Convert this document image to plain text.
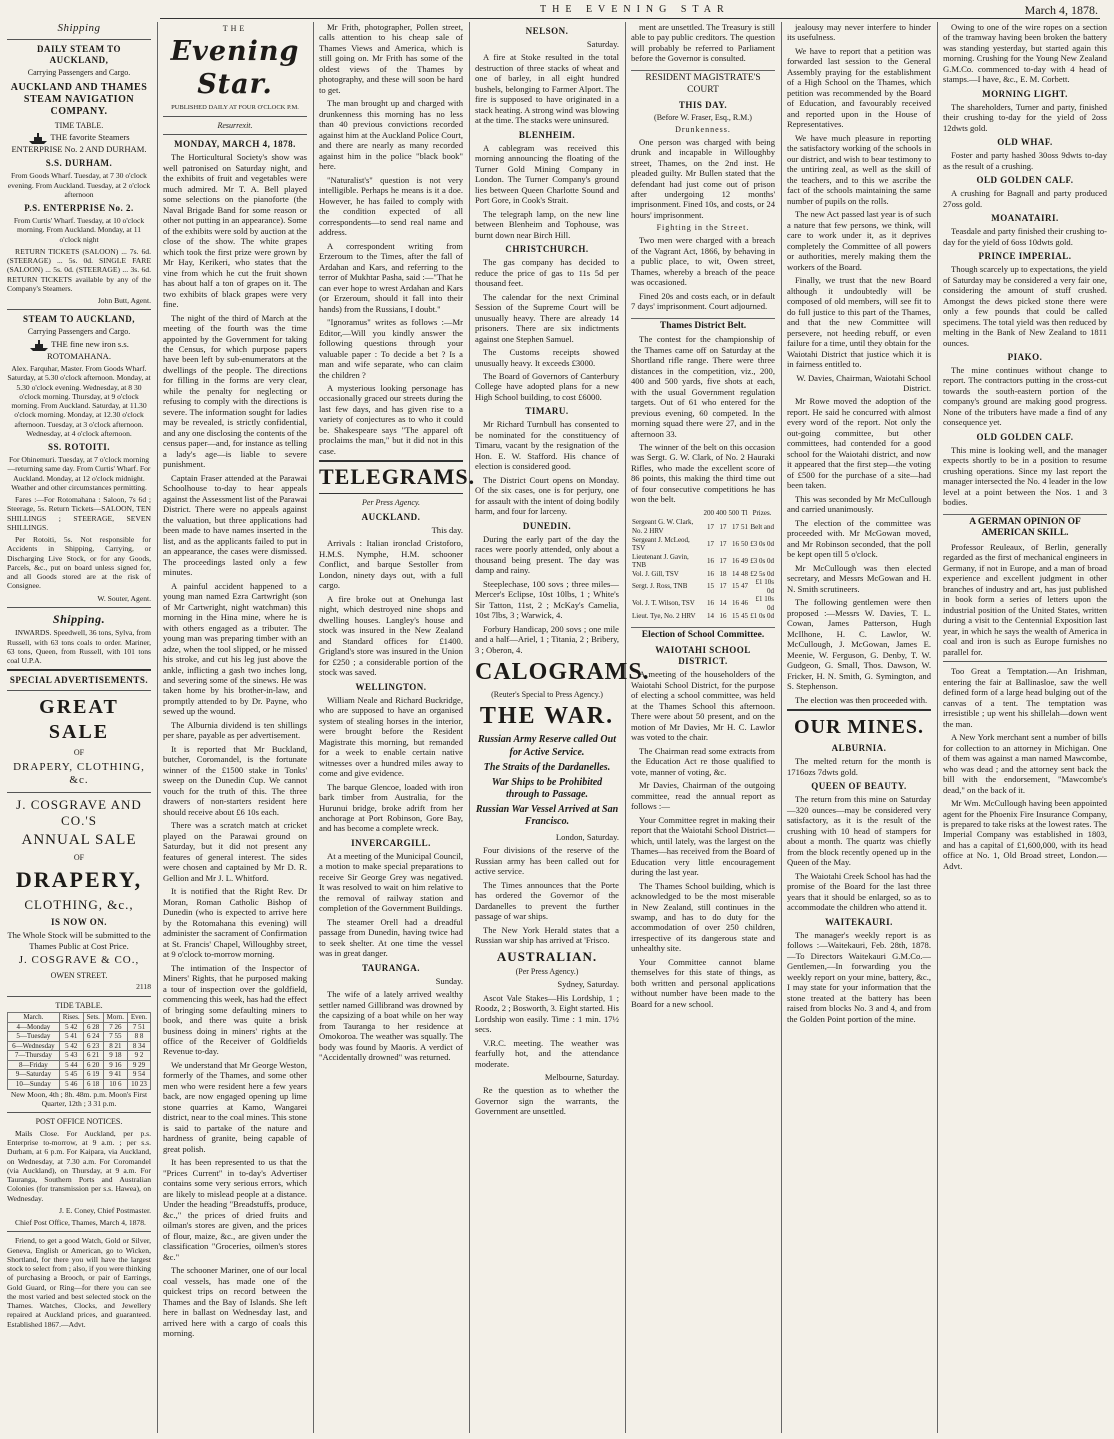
THE EVENING STAR	March 4, 1878.
Shipping
DAILY STEAM TO AUCKLAND,
Carrying Passengers and Cargo.
AUCKLAND AND THAMES STEAM NAVIGATION COMPANY.
TIME TABLE.

THE favorite Steamers ENTERPRISE No. 2 AND DURHAM.

S.S. DURHAM.

From Goods Wharf. Tuesday, at 7 30 o'clock evening. From Auckland. Tuesday, at 2 o'clock afternoon

P.S. ENTERPRISE No. 2.

From Curtis' Wharf. Tuesday, at 10 o'clock morning. From Auckland. Monday, at 11 o'clock night

RETURN TICKETS (SALOON) ... 7s. 6d. (STEERAGE) ... 5s. 0d. SINGLE FARE (SALOON) ... 5s. 0d. (STEERAGE) ... 3s. 6d. RETURN TICKETS available by any of the Company's Steamers.

John Butt, Agent.

STEAM TO AUCKLAND,
Carrying Passengers and Cargo.

THE fine new iron s.s. ROTOMAHANA.

Alex. Farquhar, Master. From Goods Wharf. Saturday, at 5.30 o'clock afternoon. Monday, at 5.30 o'clock evening. Wednesday, at 8 30 o'clock morning. Thursday, at 9 o'clock morning. From Auckland. Saturday, at 11.30 o'clock morning. Monday, at 12.30 o'clock afternoon. Tuesday, at 3 o'clock afternoon. Wednesday, at 4 o'clock afternoon.

SS. ROTOITI.

For Ohinemuri. Tuesday, at 7 o'clock morning—returning same day. From Curtis' Wharf. For Auckland. Monday, at 12 o'clock midnight. Weather and other circumstances permitting.

Fares :—For Rotomahana : Saloon, 7s 6d ; Steerage, 5s. Return Tickets—SALOON, TEN SHILLINGS ; STEERAGE, SEVEN SHILLINGS.

Per Rotoiti, 5s. Not responsible for Accidents in Shipping, Carrying, or Discharging Live Stock, or for any Goods, Parcels, &c., put on board unless signed for, and all Goods stored are at the risk of Consignee.

W. Souter, Agent.

Shipping.

INWARDS. Speedwell, 36 tons, Sylva, from Russell, with 63 tons coals to order. Mariner, 63 tons, Queen, from Russell, with 101 tons coal U.P.A.

SPECIAL ADVERTISEMENTS.
GREAT SALE
OF
DRAPERY, CLOTHING, &c.
J. COSGRAVE AND CO.'S
ANNUAL SALE
OF
DRAPERY,
CLOTHING, &c.,
IS NOW ON.

The Whole Stock will be submitted to the Thames Public at Cost Price.

J. COSGRAVE & CO.,
OWEN STREET.

2118

TIDE TABLE.
March.	Rises.	Sets.	Morn.	Even.
4—Monday	5 42	6 28	7 26	7 51
5—Tuesday	5 41	6 24	7 55	8 8
6—Wednesday	5 42	6 23	8 21	8 34
7—Thursday	5 43	6 21	9 18	9 2
8—Friday	5 44	6 20	9 16	9 29
9—Saturday	5 45	6 19	9 41	9 54
10—Sunday	5 46	6 18	10 6	10 23

New Moon, 4th ; 8h. 48m. p.m. Moon's First Quarter, 12th ; 3 31 p.m.

POST OFFICE NOTICES.

Mails Close. For Auckland, per p.s. Enterprise to-morrow, at 9 a.m. ; per s.s. Durham, at 6 p.m. For Kaipara, via Auckland, on Wednesday, at 7.30 a.m. For Coromandel (via Auckland), on Thursday, at 9 a.m. For Tauranga, Southern Ports and Australian Colonies (for transmission per s.s. Hawea), on Wednesday.

J. E. Coney, Chief Postmaster.

Chief Post Office, Thames, March 4, 1878.

Friend, to get a good Watch, Gold or Silver, Geneva, English or American, go to Wicken, Shortland, for there you will have the largest stock to select from ; also, if you were thinking of purchasing a Brooch, or pair of Earrings, Gold Guard, or Ring—for there you can see the most varied and best selected stock on the Thames. Watches, Clocks, and Jewellery repaired at Auckland prices, and guaranteed. Established 1867.—Advt.

THE
Evening Star.
PUBLISHED DAILY AT FOUR O'CLOCK P.M.
Resurrexit.
MONDAY, MARCH 4, 1878.

The Horticultural Society's show was well patronised on Saturday night, and the exhibits of fruit and vegetables were much admired. Mr T. A. Bell played some selections on the pianoforte (the Naval Brigade Band for some reason or other not putting in an appearance). Some of the exhibits were sold by auction at the close of the show. The white grapes which took the first prize were grown by Mr Hay, Kerikeri, who states that the vine from which he cut the fruit shown has about half a ton of grapes on it. The two exhibits of black grapes were very fine.

The night of the third of March at the meeting of the fourth was the time appointed by the Government for taking the Census, for which purpose papers have been left by sub-enumerators at the dwellings of the people. The directions for filling in the forms are very clear, while the penalty for neglecting or refusing to comply with the directions is severe. The information sought for ladies may be revealed, is strictly confidential, and any one disclosing the contents of the census paper—and, for instance as telling a lady's age—is liable to severe punishment.

Captain Fraser attended at the Parawai Schoolhouse to-day to hear appeals against the Assessment list of the Parawai District. There were no appeals against the valuation, but three applications had been made to have names inserted in the list, and as the applicants failed to put in an appearance, the cases were dismissed. The proceedings lasted only a few minutes.

A painful accident happened to a young man named Ezra Cartwright (son of Mr Cartwright, night watchman) this morning in the Hina mine, where he is with others engaged as a tributer. The young man was preparing timber with an adze, when the tool slipped, or he missed his stroke, and cut his leg just above the ankle, inflicting a gash two inches long, and severing some of the sinews. He was taken home by his brother-in-law, and promptly attended to by Dr. Payne, who sewed up the wound.

The Alburnia dividend is ten shillings per share, payable as per advertisement.

It is reported that Mr Buckland, butcher, Coromandel, is the fortunate winner of the £1500 stake in Tonks' sweep on the Dunedin Cup. We cannot vouch for the truth of this. The three drawers of non-starters resident here should receive about £6 10s each.

There was a scratch match at cricket played on the Parawai ground on Saturday, but it did not present any features of general interest. The sides were chosen and captained by Mr D. R. Gellion and Mr J. L. Whitford.

It is notified that the Right Rev. Dr Moran, Roman Catholic Bishop of Dunedin (who is expected to arrive here by the Rotomahana this evening) will administer the sacrament of Confirmation at St. Francis' Chapel, Willoughby street, at 9 o'clock to-morrow morning.

The intimation of the Inspector of Miners' Rights, that he purposed making a tour of inspection over the goldfield, commencing this week, has had the effect of bringing some defaulting miners to book, and there was quite a brisk business doing in miners' rights at the office of the Receiver of Goldfields Revenue to-day.

We understand that Mr George Weston, formerly of the Thames, and some other men who were resident here a few years back, are now engaged opening up lime stone quarries at Kamo, Wangarei district, near to the coal mines. This stone is said to partake of the nature and hardness of granite, being capable of great polish.

It has been represented to us that the "Prices Current" in to-day's Advertiser contains some very serious errors, which are likely to mislead people at a distance. Under the heading "Breadstuffs, produce, &c.," the prices of dried fruits and oilman's stores are given, and the prices of flour, maize, &c., are given under the classification "Groceries, oilmen's stores &c."

The schooner Mariner, one of our local coal vessels, has made one of the quickest trips on record between the Thames and the Bay of Islands. She left here in ballast on Wednesday last, and arrived here with a cargo of coals this morning.

Mr Frith, photographer, Pollen street, calls attention to his cheap sale of Thames Views and America, which is still going on. Mr Frith has some of the oldest views of the Thames by photography, and these will soon be hard to get.

The man brought up and charged with drunkenness this morning has no less than 40 previous convictions recorded against him at the Auckland Police Court, and there are nearly as many recorded against him in the police "black book" here.

"Naturalist's" question is not very intelligible. Perhaps he means is it a doe. However, he has failed to comply with the condition expected of all correspondents—to send real name and address.

A correspondent writing from Erzeroum to the Times, after the fall of Ardahan and Kars, and referring to the terror of Mukhtar Pasha, said :—"That he can ever hope to wrest Ardahan and Kars (or Erzeroum, should it fall into their hands) from the Russians, I doubt."

"Ignoramus" writes as follows :—Mr Editor,—Will you kindly answer the following questions through your valuable paper : To decide a bet ? Is a man and wife separate, who can claim the children ?

A mysterious looking personage has occasionally graced our streets during the last few days, and has given rise to a variety of conjectures as to who it could be. Shakespeare says "The apparel oft proclaims the man," but it did not in this case.

TELEGRAMS.
Per Press Agency.
AUCKLAND.

This day.

Arrivals : Italian ironclad Cristoforo, H.M.S. Nymphe, H.M. schooner Conflict, and barque Sestoller from London, ninety days out, with a full cargo.

A fire broke out at Onehunga last night, which destroyed nine shops and dwelling houses. Langley's house and stock was insured in the New Zealand and Standard offices for £1400. Grigland's store was insured in the Union for £250 ; a considerable portion of the stock was saved.

WELLINGTON.

William Neale and Richard Buckridge, who are supposed to have an organised system of stealing horses in the interior, were brought before the Resident Magistrate this morning, but remanded for a week to enable certain native witnesses over a hundred miles away to come and give evidence.

The barque Glencoe, loaded with iron bark timber from Australia, for the Hurunui bridge, broke adrift from her anchorage at Port Robinson, Gore Bay, and has become a complete wreck.

INVERCARGILL.

At a meeting of the Municipal Council, a motion to make special preparations to receive Sir George Grey was negatived. It was resolved to wait on him relative to the removal of railway station and completion of the Government Buildings.

The steamer Orell had a dreadful passage from Dunedin, having twice had to seek shelter. At one time the vessel was in great danger.

TAURANGA.

Sunday.

The wife of a lately arrived wealthy settler named Gillibrand was drowned by the capsizing of a boat while on her way from Tauranga to her residence at Omokoroa. The weather was squally. The body was found by Maoris. A verdict of "Accidentally drowned" was returned.

NELSON.

Saturday.

A fire at Stoke resulted in the total destruction of three stacks of wheat and one of barley, in all eight hundred bushels, belonging to Farmer Alport. The fire is supposed to have originated in a stack heating. A strong wind was blowing at the time. The stacks were uninsured.

BLENHEIM.

A cablegram was received this morning announcing the floating of the Turner Gold Mining Company in London. The Turner Company's ground lies between Queen Charlotte Sound and Port Gore, in Cook's Strait.

The telegraph lamp, on the new line between Blenheim and Tophouse, was burnt down near Birch Hill.

CHRISTCHURCH.

The gas company has decided to reduce the price of gas to 11s 5d per thousand feet.

The calendar for the next Criminal Session of the Supreme Court will be unusually heavy. There are already 14 prisoners. There are six indictments against one Stephen Samuel.

The Customs receipts showed unusually heavy. It exceeds £3000.

The Board of Governors of Canterbury College have adopted plans for a new High School building, to cost £6000.

TIMARU.

Mr Richard Turnbull has consented to be nominated for the constituency of Timaru, vacant by the resignation of the Hon. E. W. Stafford. His chance of election is considered good.

The District Court opens on Monday. Of the six cases, one is for perjury, one for assault with the intent of doing bodily harm, and four for larceny.

DUNEDIN.

During the early part of the day the races were poorly attended, only about a thousand being present. The day was damp and rainy.

Steeplechase, 100 sovs ; three miles—Mercer's Eclipse, 10st 10lbs, 1 ; White's Sir Tatton, 11st, 2 ; McKay's Camelia, 10st 7lbs, 3 ; Warwick, 4.

Forbury Handicap, 200 sovs ; one mile and a half—Ariel, 1 ; Titania, 2 ; Bribery, 3 ; Oberon, 4.

CALOGRAMS.
(Reuter's Special to Press Agency.)
THE WAR.
Russian Army Reserve called Out for Active Service.
The Straits of the Dardanelles.
War Ships to be Prohibited through to Passage.
Russian War Vessel Arrived at San Francisco.

London, Saturday.

Four divisions of the reserve of the Russian army has been called out for active service.

The Times announces that the Porte has ordered the Governor of the Dardanelles to prevent the further passage of war ships.

The New York Herald states that a Russian war ship has arrived at 'Frisco.

AUSTRALIAN.
(Per Press Agency.)

Sydney, Saturday.

Ascot Vale Stakes—His Lordship, 1 ; Roodz, 2 ; Bosworth, 3. Eight started. His Lordship won easily. Time : 1 min. 17½ secs.

V.R.C. meeting. The weather was fearfully hot, and the attendance moderate.

Melbourne, Saturday.

Re the question as to whether the Governor sign the warrants, the Government are unsettled.

ment are unsettled. The Treasury is still able to pay public creditors. The question will probably be referred to Parliament before the Governor is consulted.

RESIDENT MAGISTRATE'S COURT
THIS DAY.
(Before W. Fraser, Esq., R.M.)
Drunkenness.

One person was charged with being drunk and incapable in Willoughby street, Thames, on the 2nd inst. He pleaded guilty. Mr Bullen stated that the defendant had just come out of prison after undergoing 12 months' imprisonment. Fined 10s, and costs, or 24 hours' imprisonment.

Fighting in the Street.

Two men were charged with a breach of the Vagrant Act, 1866, by behaving in a public place, to wit, Owen street, Thames, whereby a breach of the peace was occasioned.

Fined 20s and costs each, or in default 7 days' imprisonment. Court adjourned.

Thames District Belt.

The contest for the championship of the Thames came off on Saturday at the Shortland rifle range. There were three distances in the competition, viz., 200, 400 and 500 yards, five shots at each, with the usual Government regulation targets. Out of 61 who entered for the previous evening, 60 competed. In the morning squad there were 27, and in the afternoon 33.

The winner of the belt on this occasion was Sergt. G. W. Clark, of No. 2 Hauraki Rifles, who made the excellent score of 86 points, this making the third time out of four consecutive competitions he has won the belt.

	200	400	500	Tl	Prizes.
Sergeant G. W. Clark, No. 2 HRV	17	17	17	51	Belt and
Sergeant J. McLeod, TSV	17	17	16	50	£3 0s 0d
Lieutenant J. Gavin, TNB	16	17	16	49	£3 0s 0d
Vol. J. Gill, TSV	16	18	14	48	£2 5s 0d
Sergt. J. Ross, TNB	15	17	15	47	£1 10s 0d
Vol. J. T. Wilson, TSV	16	14	16	46	£1 10s 0d
Lieut. Tye, No. 2 HRV	14	16	15	45	£1 0s 0d
Election of School Committee.
WAIOTAHI SCHOOL DISTRICT.

A meeting of the householders of the Waiotahi School District, for the purpose of electing a school committee, was held at the Thames School this afternoon. There were about 50 present, and on the motion of Mr Davies, Mr H. C. Lawlor was voted to the chair.

The Chairman read some extracts from the Education Act re those qualified to vote, manner of voting, &c.

Mr Davies, Chairman of the outgoing committee, read the annual report as follows :—

Your Committee regret in making their report that the Waiotahi School District—which, until lately, was the largest on the Thames—has received from the Board of Education very little encouragement during the last year.

The Thames School building, which is acknowledged to be the most miserable in New Zealand, still continues in the swamp, and has to do duty for the accommodation of over 250 children, irrespective of its dangerous state and unhealthy site.

Your Committee cannot blame themselves for this state of things, as both written and personal applications without number have been made to the Board for a new school.

jealousy may never interfere to hinder its usefulness.

We have to report that a petition was forwarded last session to the General Assembly praying for the establishment of a High School on the Thames, which petition was recommended by the Board of Education, and favourably received and reported upon in the House of Representatives.

We have much pleasure in reporting the satisfactory working of the schools in our district, and wish to bear testimony to the untiring zeal, as well as the skill of the teachers, and to this we ascribe the fact of the schools maintaining the same number of pupils on the rolls.

The new Act passed last year is of such a nature that few persons, we think, will care to work under it, as it deprives completely the Committee of all powers or authorities, merely making them the workers of the Board.

Finally, we trust that the new Board although it undoubtedly will be composed of old members, will see fit to do full justice to this part of the Thames, and that the new Committee will persevere, not heeding rebuff, or even failure for a time, until they obtain for the Waiotahi District that justice which it is in fairness entitled to.

W. Davies, Chairman, Waiotahi School District.

Mr Rowe moved the adoption of the report. He said he concurred with almost every word of the report. Not only the out-going committee, but other committees, had contended for a good school for the Waiotahi district, and now it appeared that the first step—the voting of £500 for the purchase of a site—had been taken.

This was seconded by Mr McCullough and carried unanimously.

The election of the committee was proceeded with. Mr McGowan moved, and Mr Robinson seconded, that the poll be kept open till 5 o'clock.

Mr McCullough was then elected secretary, and Messrs McGowan and H. N. Smith scrutineers.

The following gentlemen were then proposed :—Messrs W. Davies, T. L. Cowan, James Patterson, Hugh McIlhone, H. C. Lawlor, W. McCullough, J. McGowan, James E. Meenie, W. Ferguson, G. Denby, T. W. Gudgeon, G. Small, Thos. Dawson, W. Fricker, H. N. Smith, G. Symington, and S. Stephenson.

The election was then proceeded with.

OUR MINES.
ALBURNIA.

The melted return for the month is 1716ozs 7dwts gold.

QUEEN OF BEAUTY.

The return from this mine on Saturday—320 ounces—may be considered very satisfactory, as it is the result of the crushing with 10 head of stampers for about a month. The quartz was chiefly from the block recently opened up in the Queen of the May.

The Waiotahi Creek School has had the promise of the Board for the last three years that it should be enlarged, so as to accommodate the children who attend it.

WAITEKAURI.

The manager's weekly report is as follows :—Waitekauri, Feb. 28th, 1878.—To Directors Waitekauri G.M.Co.—Gentlemen,—In forwarding you the weekly report on your mine, battery, &c., I may state for your information that the stone treated at the battery has been raised from blocks No. 3 and 4, and from the Golden Point portion of the mine.

Owing to one of the wire ropes on a section of the tramway having been broken the battery was standing yesterday, but started again this morning. Crushing for the Young New Zealand G.M.Co. commenced to-day with 4 head of stamps.—I have, &c., E. M. Corbett.

MORNING LIGHT.

The shareholders, Turner and party, finished their crushing to-day for the yield of 2oss 12dwts gold.

OLD WHAF.

Foster and party hashed 30oss 9dwts to-day as the result of a crushing.

OLD GOLDEN CALF.

A crushing for Bagnall and party produced 27oss gold.

MOANATAIRI.

Teasdale and party finished their crushing to-day for the yield of 6oss 10dwts gold.

PRINCE IMPERIAL.

Though scarcely up to expectations, the yield of Saturday may be considered a very fair one, considering the amount of stuff crushed. Amongst the dews picked stone there were only a few pounds that could be called specimens. The total yield was then reduced by melting in the Bank of New Zealand to 1811 ounces.

PIAKO.

The mine continues without change to report. The contractors putting in the cross-cut towards the south-eastern portion of the company's ground are making good progress. None of the tributers have made a find of any consequence yet.

OLD GOLDEN CALF.

This mine is looking well, and the manager expects shortly to be in a position to resume crushing operations. Since my last report the manager intersected the No. 4 leader in the low level at a point between the Nos. 1 and 3 bodies.

A GERMAN OPINION OF AMERICAN SKILL.

Professor Reuleaux, of Berlin, generally regarded as the first of mechanical engineers in Germany, if not in Europe, and a man of broad experience and excellent judgment in other branches of industry and art, has just published in book form a series of letters upon the industrial position of the United States, written during a visit to the Centennial Exposition last year, in which he says the wealth of America in coal and iron is such as Europe furnishes no parallel for.

Too Great a Temptation.—An Irishman, entering the fair at Ballinasloe, saw the well defined form of a large head bulging out of the canvas of a tent. The temptation was irresistible ; up went his shillelah—down went the man.

A New York merchant sent a number of bills for collection to an attorney in Michigan. One of them was against a man named Mawcombe, who was dead ; and the attorney sent back the bill with the endorsement, "Mawcombe's dead," on the back of it.

Mr Wm. McCullough having been appointed agent for the Phoenix Fire Insurance Company, is prepared to take risks at the lowest rates. The Imperial Company was established in 1803, and has a capital of £1,600,000, with its head office at No. 1, Old Broad street, London.—Advt.
